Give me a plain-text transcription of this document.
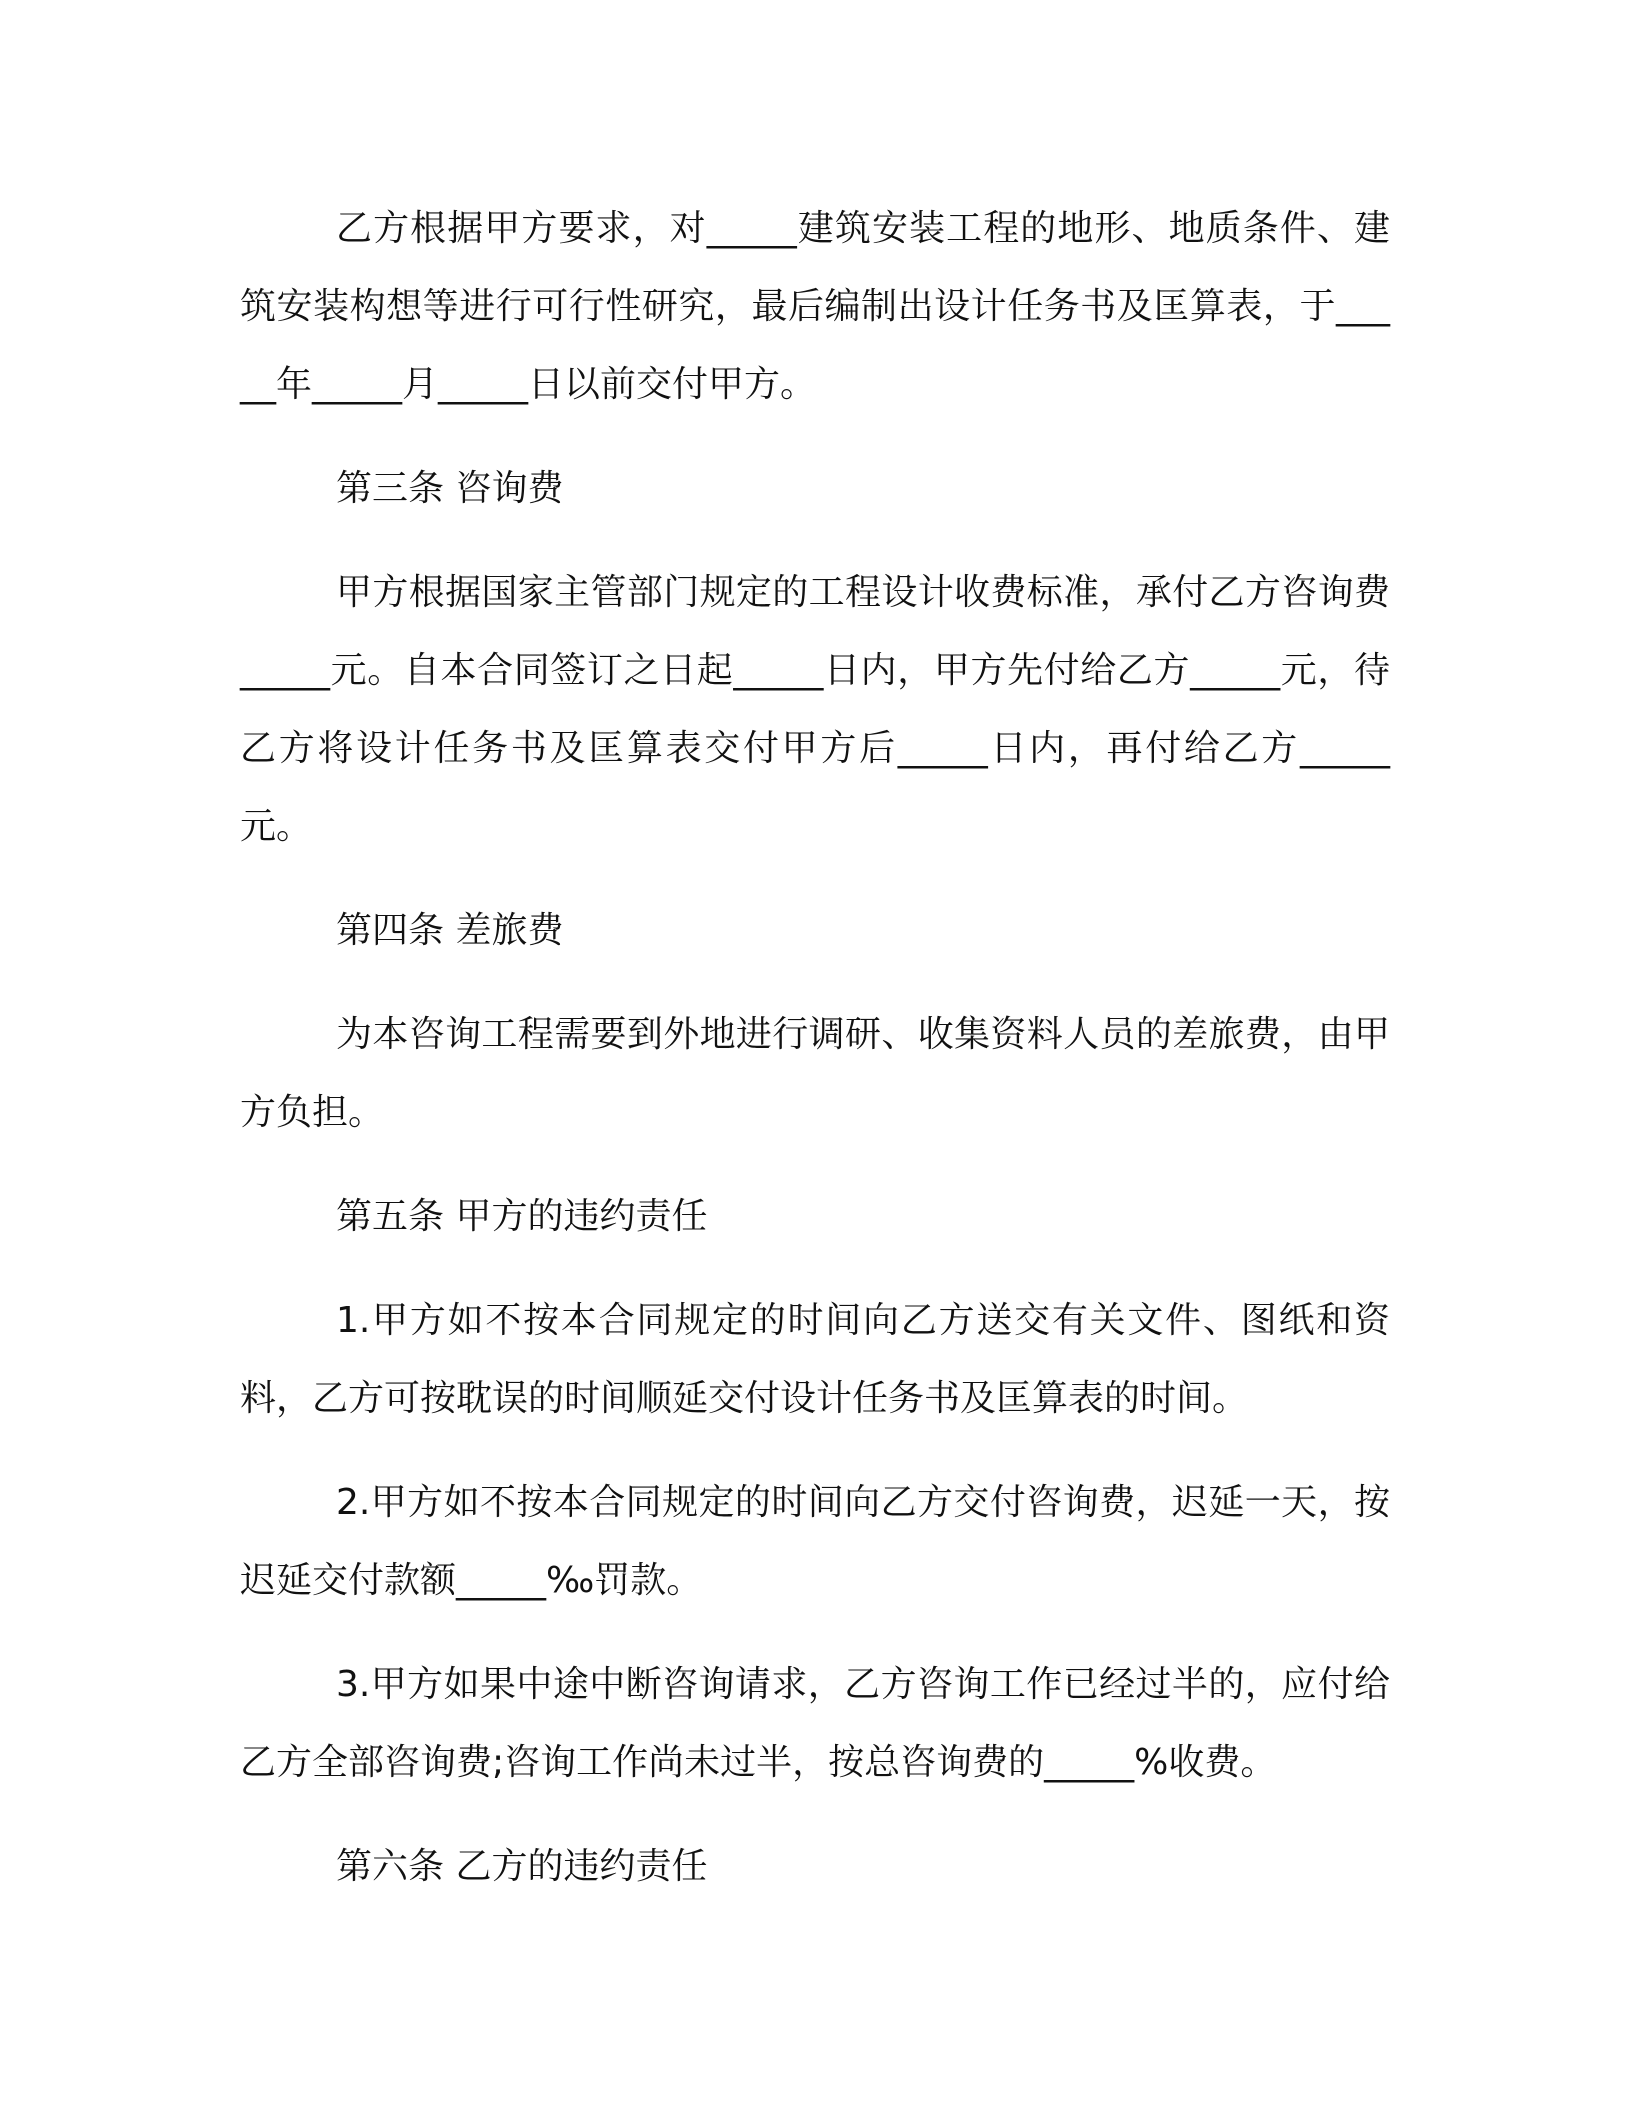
乙方根据甲方要求，对_____建筑安装工程的地形、地质条件、建筑安装构想等进行可行性研究，最后编制出设计任务书及匡算表，于_____年_____月_____日以前交付甲方。

第三条 咨询费

甲方根据国家主管部门规定的工程设计收费标准，承付乙方咨询费_____元。自本合同签订之日起_____日内，甲方先付给乙方_____元，待乙方将设计任务书及匡算表交付甲方后_____日内，再付给乙方_____元。

第四条 差旅费

为本咨询工程需要到外地进行调研、收集资料人员的差旅费，由甲方负担。

第五条 甲方的违约责任

1.甲方如不按本合同规定的时间向乙方送交有关文件、图纸和资料，乙方可按耽误的时间顺延交付设计任务书及匡算表的时间。

2.甲方如不按本合同规定的时间向乙方交付咨询费，迟延一天，按迟延交付款额_____‰罚款。

3.甲方如果中途中断咨询请求，乙方咨询工作已经过半的，应付给乙方全部咨询费;咨询工作尚未过半，按总咨询费的_____%收费。

第六条 乙方的违约责任
